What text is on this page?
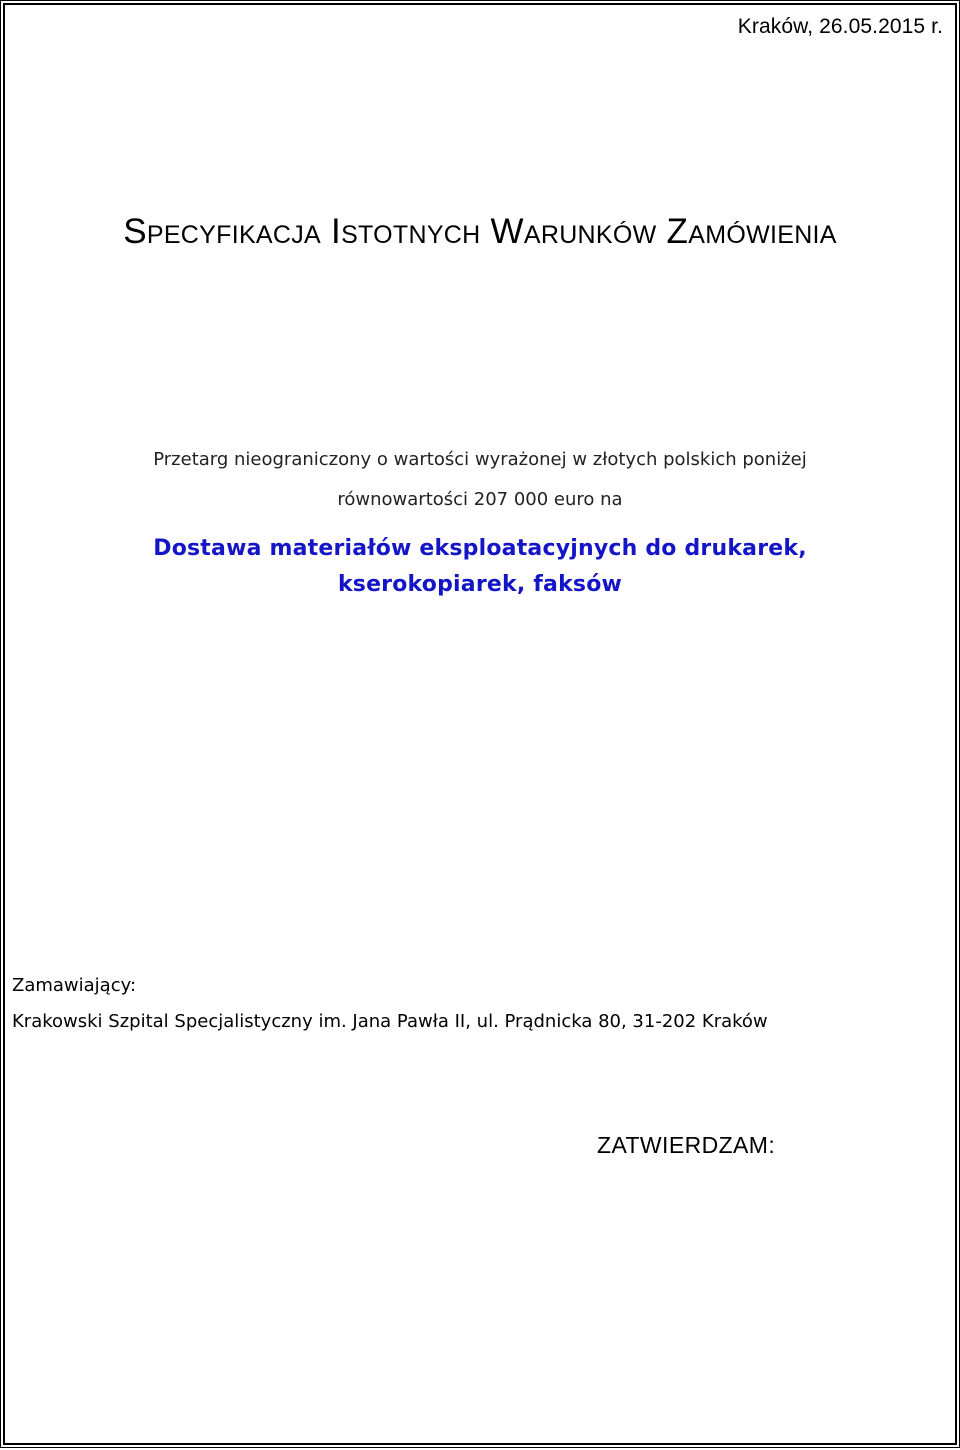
Kraków, 26.05.2015 r.
Specyfikacja Istotnych Warunków Zamówienia
Przetarg nieograniczony o wartości wyrażonej w złotych polskich poniżej
równowartości 207 000 euro na
Dostawa materiałów eksploatacyjnych do drukarek,
kserokopiarek, faksów
Zamawiający:
Krakowski Szpital Specjalistyczny im. Jana Pawła II, ul. Prądnicka 80, 31-202 Kraków
ZATWIERDZAM:
